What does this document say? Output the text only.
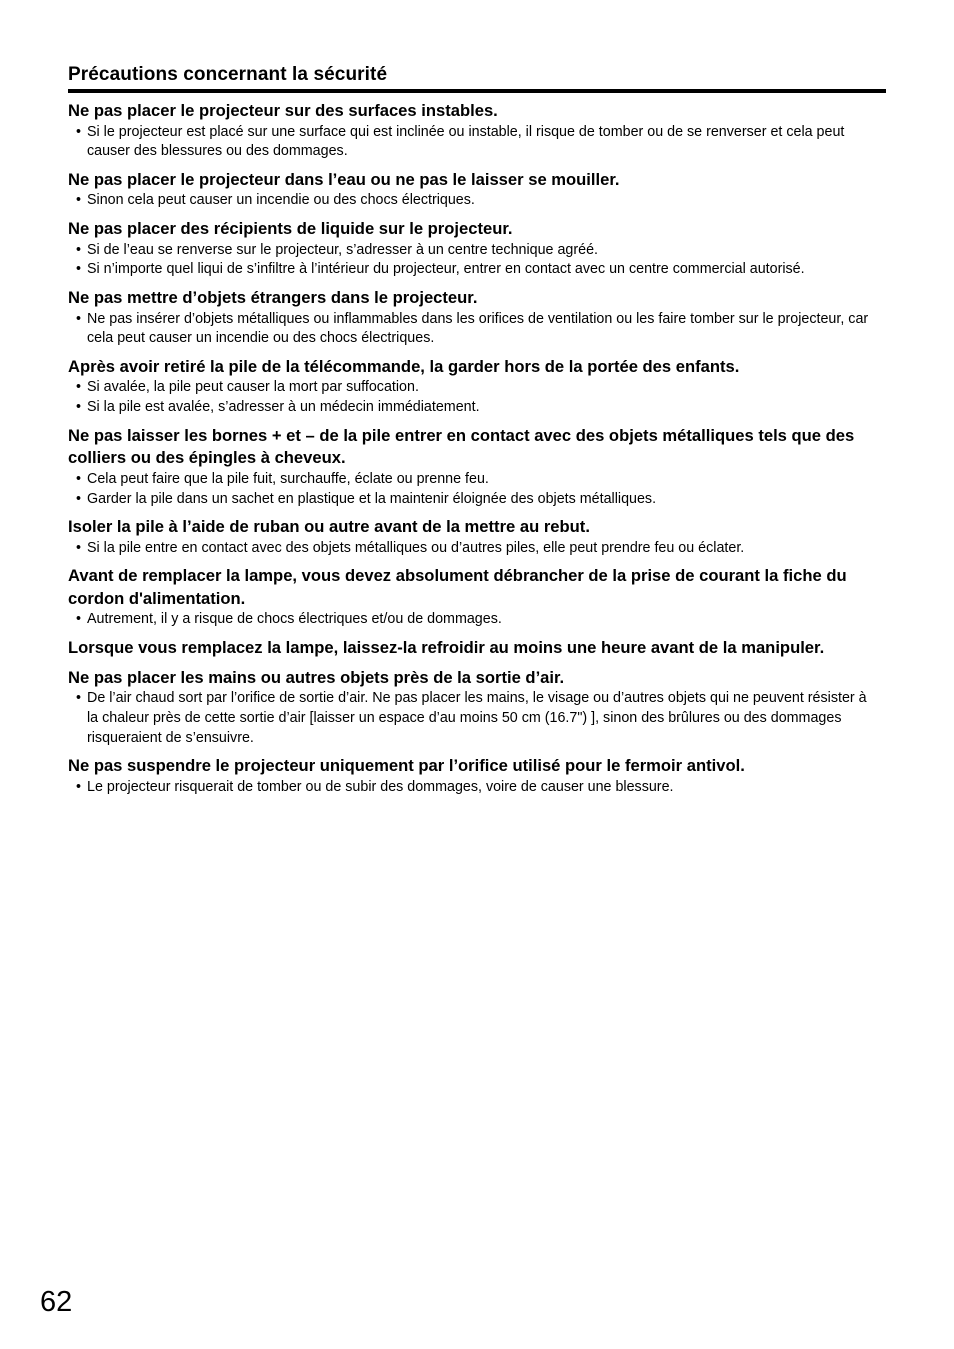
Précautions concernant la sécurité
Ne pas placer le projecteur sur des surfaces instables.
• Si le projecteur est placé sur une surface qui est inclinée ou instable, il risque de tomber ou de se renverser et cela peut causer des blessures ou des dommages.
Ne pas placer le projecteur dans l’eau ou ne pas le laisser se mouiller.
• Sinon cela peut causer un incendie ou des chocs électriques.
Ne pas placer des récipients de liquide sur le projecteur.
• Si de l’eau se renverse sur le projecteur, s’adresser à un centre technique agréé.
• Si n’importe quel liqui de s’infiltre à l’intérieur du projecteur, entrer en contact avec un centre commercial autorisé.
Ne pas mettre d’objets étrangers dans le projecteur.
• Ne pas insérer d’objets métalliques ou inflammables dans les orifices de ventilation ou les faire tomber sur le projecteur, car cela peut causer un incendie ou des chocs électriques.
Après avoir retiré la pile de la télécommande, la garder hors de la portée des enfants.
• Si avalée, la pile peut causer la mort par suffocation.
• Si la pile est avalée, s’adresser à un médecin immédiatement.
Ne pas laisser les bornes + et – de la pile entrer en contact avec des objets métalliques tels que des colliers ou des épingles à cheveux.
• Cela peut faire que la pile fuit, surchauffe, éclate ou prenne feu.
• Garder la pile dans un sachet en plastique et la maintenir éloignée des objets métalliques.
Isoler la pile à l’aide de ruban ou autre avant de la mettre au rebut.
• Si la pile entre en contact avec des objets métalliques ou d’autres piles, elle peut prendre feu ou éclater.
Avant de remplacer la lampe, vous devez absolument débrancher de la prise de courant la fiche du cordon d'alimentation.
• Autrement, il y a risque de chocs électriques et/ou de dommages.
Lorsque vous remplacez la lampe, laissez-la refroidir au moins une heure avant de la manipuler.
Ne pas placer les mains ou autres objets près de la sortie d’air.
• De l’air chaud sort par l’orifice de sortie d’air. Ne pas placer les mains, le visage ou d’autres objets qui ne peuvent résister à la chaleur près de cette sortie d’air [laisser un espace d’au moins 50 cm (16.7") ], sinon des brûlures ou des dommages risqueraient de s’ensuivre.
Ne pas suspendre le projecteur uniquement par l’orifice utilisé pour le fermoir antivol.
• Le projecteur risquerait de tomber ou de subir des dommages, voire de causer une blessure.
62
